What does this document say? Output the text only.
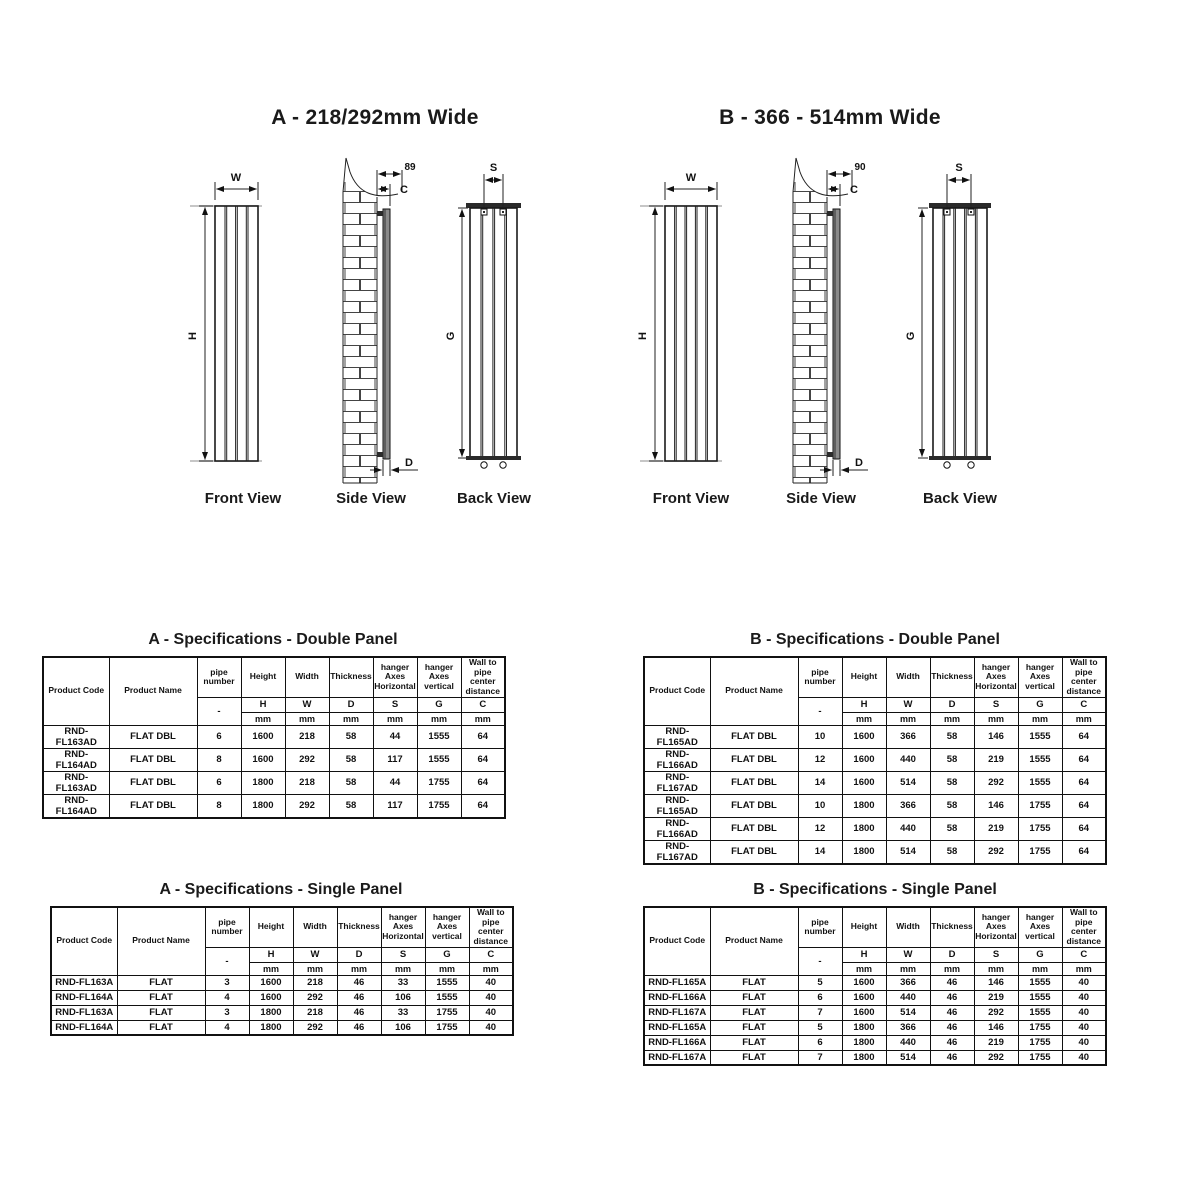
A - 218/292mm Wide
W
H
Front View
89
C
D
Side View
G
S
Back View
B - 366 - 514mm Wide
W
H
Front View
90
C
D
Side View
G
S
Back View
A - Specifications - Double Panel
Product Code	Product Name	pipe number	Height	Width	Thickness	hanger Axes Horizontal	hanger Axes vertical	Wall to pipe center distance
		-	H	W	D	S	G	C
			mm	mm	mm	mm	mm	mm
RND-FL163AD	FLAT DBL	6	1600	218	58	44	1555	64
RND-FL164AD	FLAT DBL	8	1600	292	58	117	1555	64
RND-FL163AD	FLAT DBL	6	1800	218	58	44	1755	64
RND-FL164AD	FLAT DBL	8	1800	292	58	117	1755	64
B - Specifications - Double Panel
Product Code	Product Name	pipe number	Height	Width	Thickness	hanger Axes Horizontal	hanger Axes vertical	Wall to pipe center distance
		-	H	W	D	S	G	C
			mm	mm	mm	mm	mm	mm
RND-FL165AD	FLAT DBL	10	1600	366	58	146	1555	64
RND-FL166AD	FLAT DBL	12	1600	440	58	219	1555	64
RND-FL167AD	FLAT DBL	14	1600	514	58	292	1555	64
RND-FL165AD	FLAT DBL	10	1800	366	58	146	1755	64
RND-FL166AD	FLAT DBL	12	1800	440	58	219	1755	64
RND-FL167AD	FLAT DBL	14	1800	514	58	292	1755	64
A - Specifications - Single Panel
Product Code	Product Name	pipe number	Height	Width	Thickness	hanger Axes Horizontal	hanger Axes vertical	Wall to pipe center distance
		-	H	W	D	S	G	C
			mm	mm	mm	mm	mm	mm
RND-FL163A	FLAT	3	1600	218	46	33	1555	40
RND-FL164A	FLAT	4	1600	292	46	106	1555	40
RND-FL163A	FLAT	3	1800	218	46	33	1755	40
RND-FL164A	FLAT	4	1800	292	46	106	1755	40
B - Specifications - Single Panel
Product Code	Product Name	pipe number	Height	Width	Thickness	hanger Axes Horizontal	hanger Axes vertical	Wall to pipe center distance
		-	H	W	D	S	G	C
			mm	mm	mm	mm	mm	mm
RND-FL165A	FLAT	5	1600	366	46	146	1555	40
RND-FL166A	FLAT	6	1600	440	46	219	1555	40
RND-FL167A	FLAT	7	1600	514	46	292	1555	40
RND-FL165A	FLAT	5	1800	366	46	146	1755	40
RND-FL166A	FLAT	6	1800	440	46	219	1755	40
RND-FL167A	FLAT	7	1800	514	46	292	1755	40
